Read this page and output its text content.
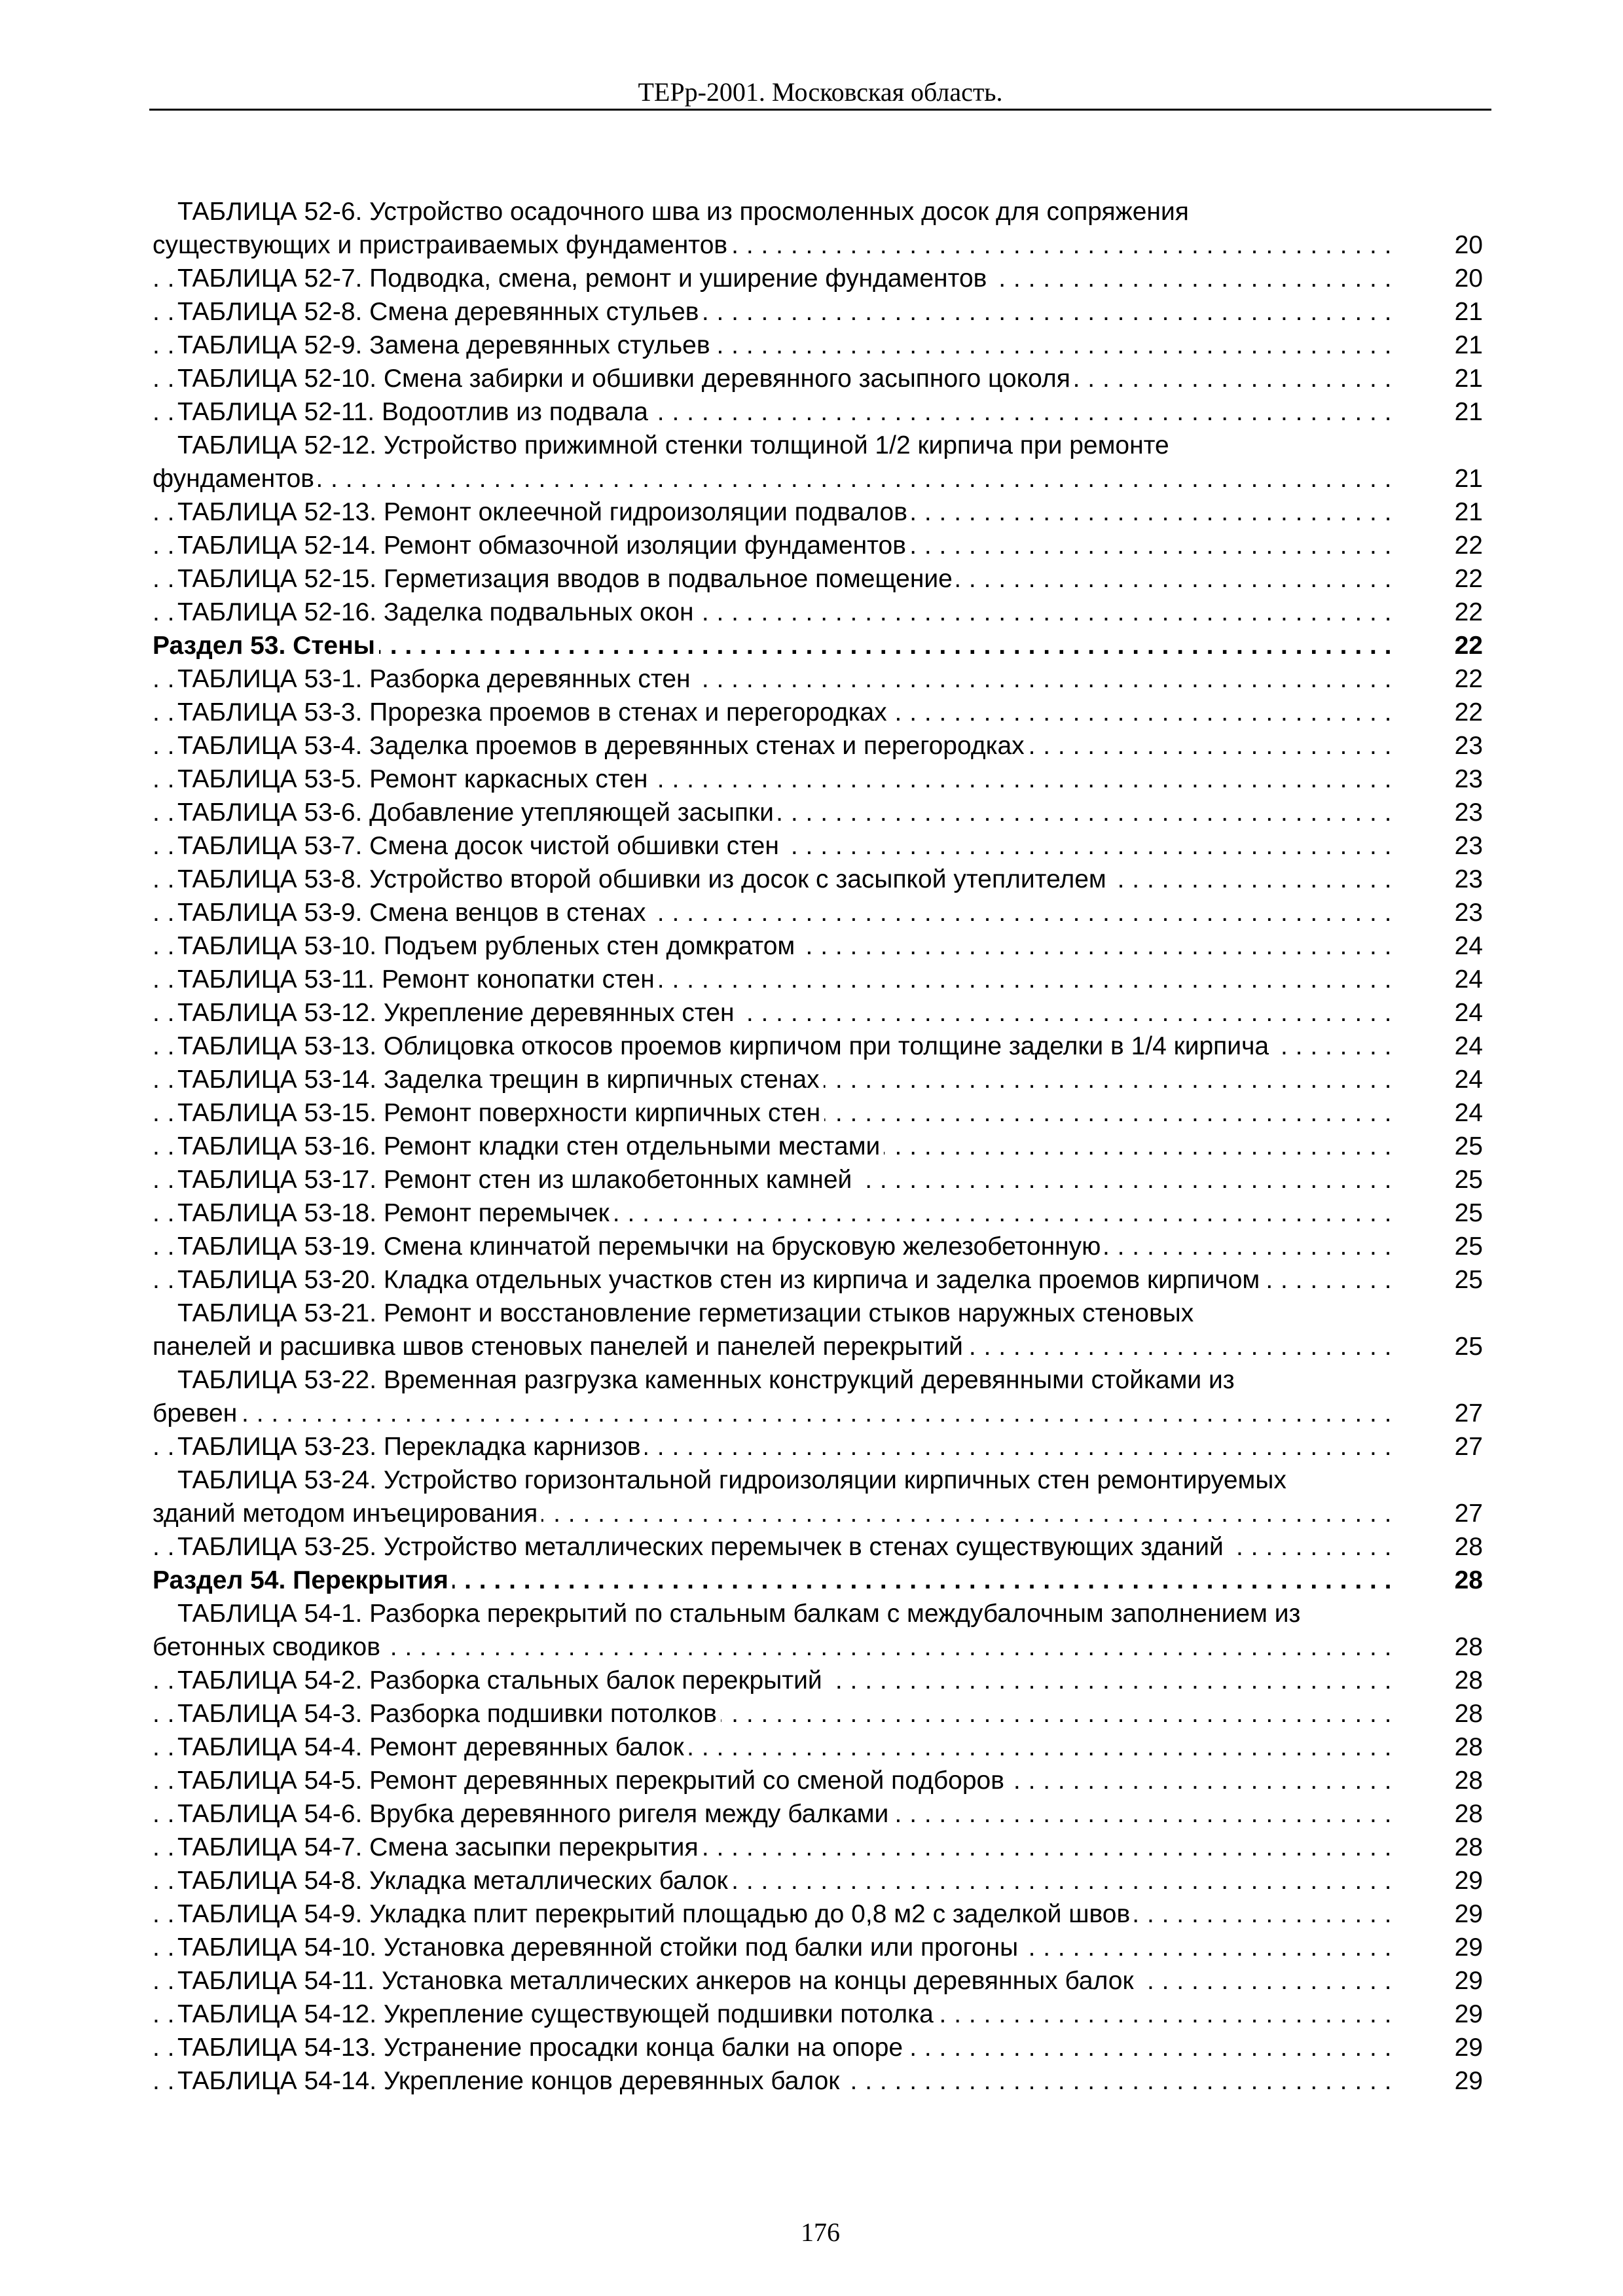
ТЕРр-2001. Московская область.
ТАБЛИЦА 52-6. Устройство осадочного шва из просмоленных досок для сопряжения
существующих и пристраиваемых фундаментов	20
. . .
ТАБЛИЦА 52-7. Подводка, смена, ремонт и уширение фундаментов	20
. . .
ТАБЛИЦА 52-8. Смена деревянных стульев	21
. . .
ТАБЛИЦА 52-9. Замена деревянных стульев	21
. . .
ТАБЛИЦА 52-10. Смена забирки и обшивки деревянного засыпного цоколя	21
. . .
ТАБЛИЦА 52-11. Водоотлив из подвала	21
. . .
ТАБЛИЦА 52-12. Устройство прижимной стенки толщиной 1/2 кирпича при ремонте
фундаментов	21
. . .
ТАБЛИЦА 52-13. Ремонт оклеечной гидроизоляции подвалов	21
. . .
ТАБЛИЦА 52-14. Ремонт обмазочной изоляции фундаментов	22
. . .
ТАБЛИЦА 52-15. Герметизация вводов в подвальное помещение	22
. . .
ТАБЛИЦА 52-16. Заделка подвальных окон	22
. . .
Раздел 53. Стены	22
. . .
ТАБЛИЦА 53-1. Разборка деревянных стен	22
. . .
ТАБЛИЦА 53-3. Прорезка проемов в стенах и перегородках	22
. . .
ТАБЛИЦА 53-4. Заделка проемов в деревянных стенах и перегородках	23
. . .
ТАБЛИЦА 53-5. Ремонт каркасных стен	23
. . .
ТАБЛИЦА 53-6. Добавление утепляющей засыпки	23
. . .
ТАБЛИЦА 53-7. Смена досок чистой обшивки стен	23
. . .
ТАБЛИЦА 53-8. Устройство второй обшивки из досок с засыпкой утеплителем	23
. . .
ТАБЛИЦА 53-9. Смена венцов в стенах	23
. . .
ТАБЛИЦА 53-10. Подъем рубленых стен домкратом	24
. . .
ТАБЛИЦА 53-11. Ремонт конопатки стен	24
. . .
ТАБЛИЦА 53-12. Укрепление деревянных стен	24
. . .
ТАБЛИЦА 53-13. Облицовка откосов проемов кирпичом при толщине заделки в 1/4 кирпича	24
. . .
ТАБЛИЦА 53-14. Заделка трещин в кирпичных стенах	24
. . .
ТАБЛИЦА 53-15. Ремонт поверхности кирпичных стен	24
. . .
ТАБЛИЦА 53-16. Ремонт кладки стен отдельными местами	25
. . .
ТАБЛИЦА 53-17. Ремонт стен из шлакобетонных камней	25
. . .
ТАБЛИЦА 53-18. Ремонт перемычек	25
. . .
ТАБЛИЦА 53-19. Смена клинчатой перемычки на брусковую железобетонную	25
. . .
ТАБЛИЦА 53-20. Кладка отдельных участков стен из кирпича и заделка проемов кирпичом	25
. . .
ТАБЛИЦА 53-21. Ремонт и восстановление герметизации стыков наружных стеновых
панелей и расшивка швов стеновых панелей и панелей перекрытий	25
. . .
ТАБЛИЦА 53-22. Временная разгрузка каменных конструкций деревянными стойками из
бревен	27
. . .
ТАБЛИЦА 53-23. Перекладка карнизов	27
. . .
ТАБЛИЦА 53-24. Устройство горизонтальной гидроизоляции кирпичных стен ремонтируемых
зданий методом инъецирования	27
. . .
ТАБЛИЦА 53-25. Устройство металлических перемычек в стенах существующих зданий	28
. . .
Раздел 54. Перекрытия	28
. . .
ТАБЛИЦА 54-1. Разборка перекрытий по стальным балкам с междубалочным заполнением из
бетонных сводиков	28
. . .
ТАБЛИЦА 54-2. Разборка стальных балок перекрытий	28
. . .
ТАБЛИЦА 54-3. Разборка подшивки потолков	28
. . .
ТАБЛИЦА 54-4. Ремонт деревянных балок	28
. . .
ТАБЛИЦА 54-5. Ремонт деревянных перекрытий со сменой подборов	28
. . .
ТАБЛИЦА 54-6. Врубка деревянного ригеля между балками	28
. . .
ТАБЛИЦА 54-7. Смена засыпки перекрытия	28
. . .
ТАБЛИЦА 54-8. Укладка металлических балок	29
. . .
ТАБЛИЦА 54-9. Укладка плит перекрытий площадью до 0,8 м2 с заделкой швов	29
. . .
ТАБЛИЦА 54-10. Установка деревянной стойки под балки или прогоны	29
. . .
ТАБЛИЦА 54-11. Установка металлических анкеров на концы деревянных балок	29
. . .
ТАБЛИЦА 54-12. Укрепление существующей подшивки потолка	29
. . .
ТАБЛИЦА 54-13. Устранение просадки конца балки на опоре	29
. . .
ТАБЛИЦА 54-14. Укрепление концов деревянных балок	29
. . .
176
